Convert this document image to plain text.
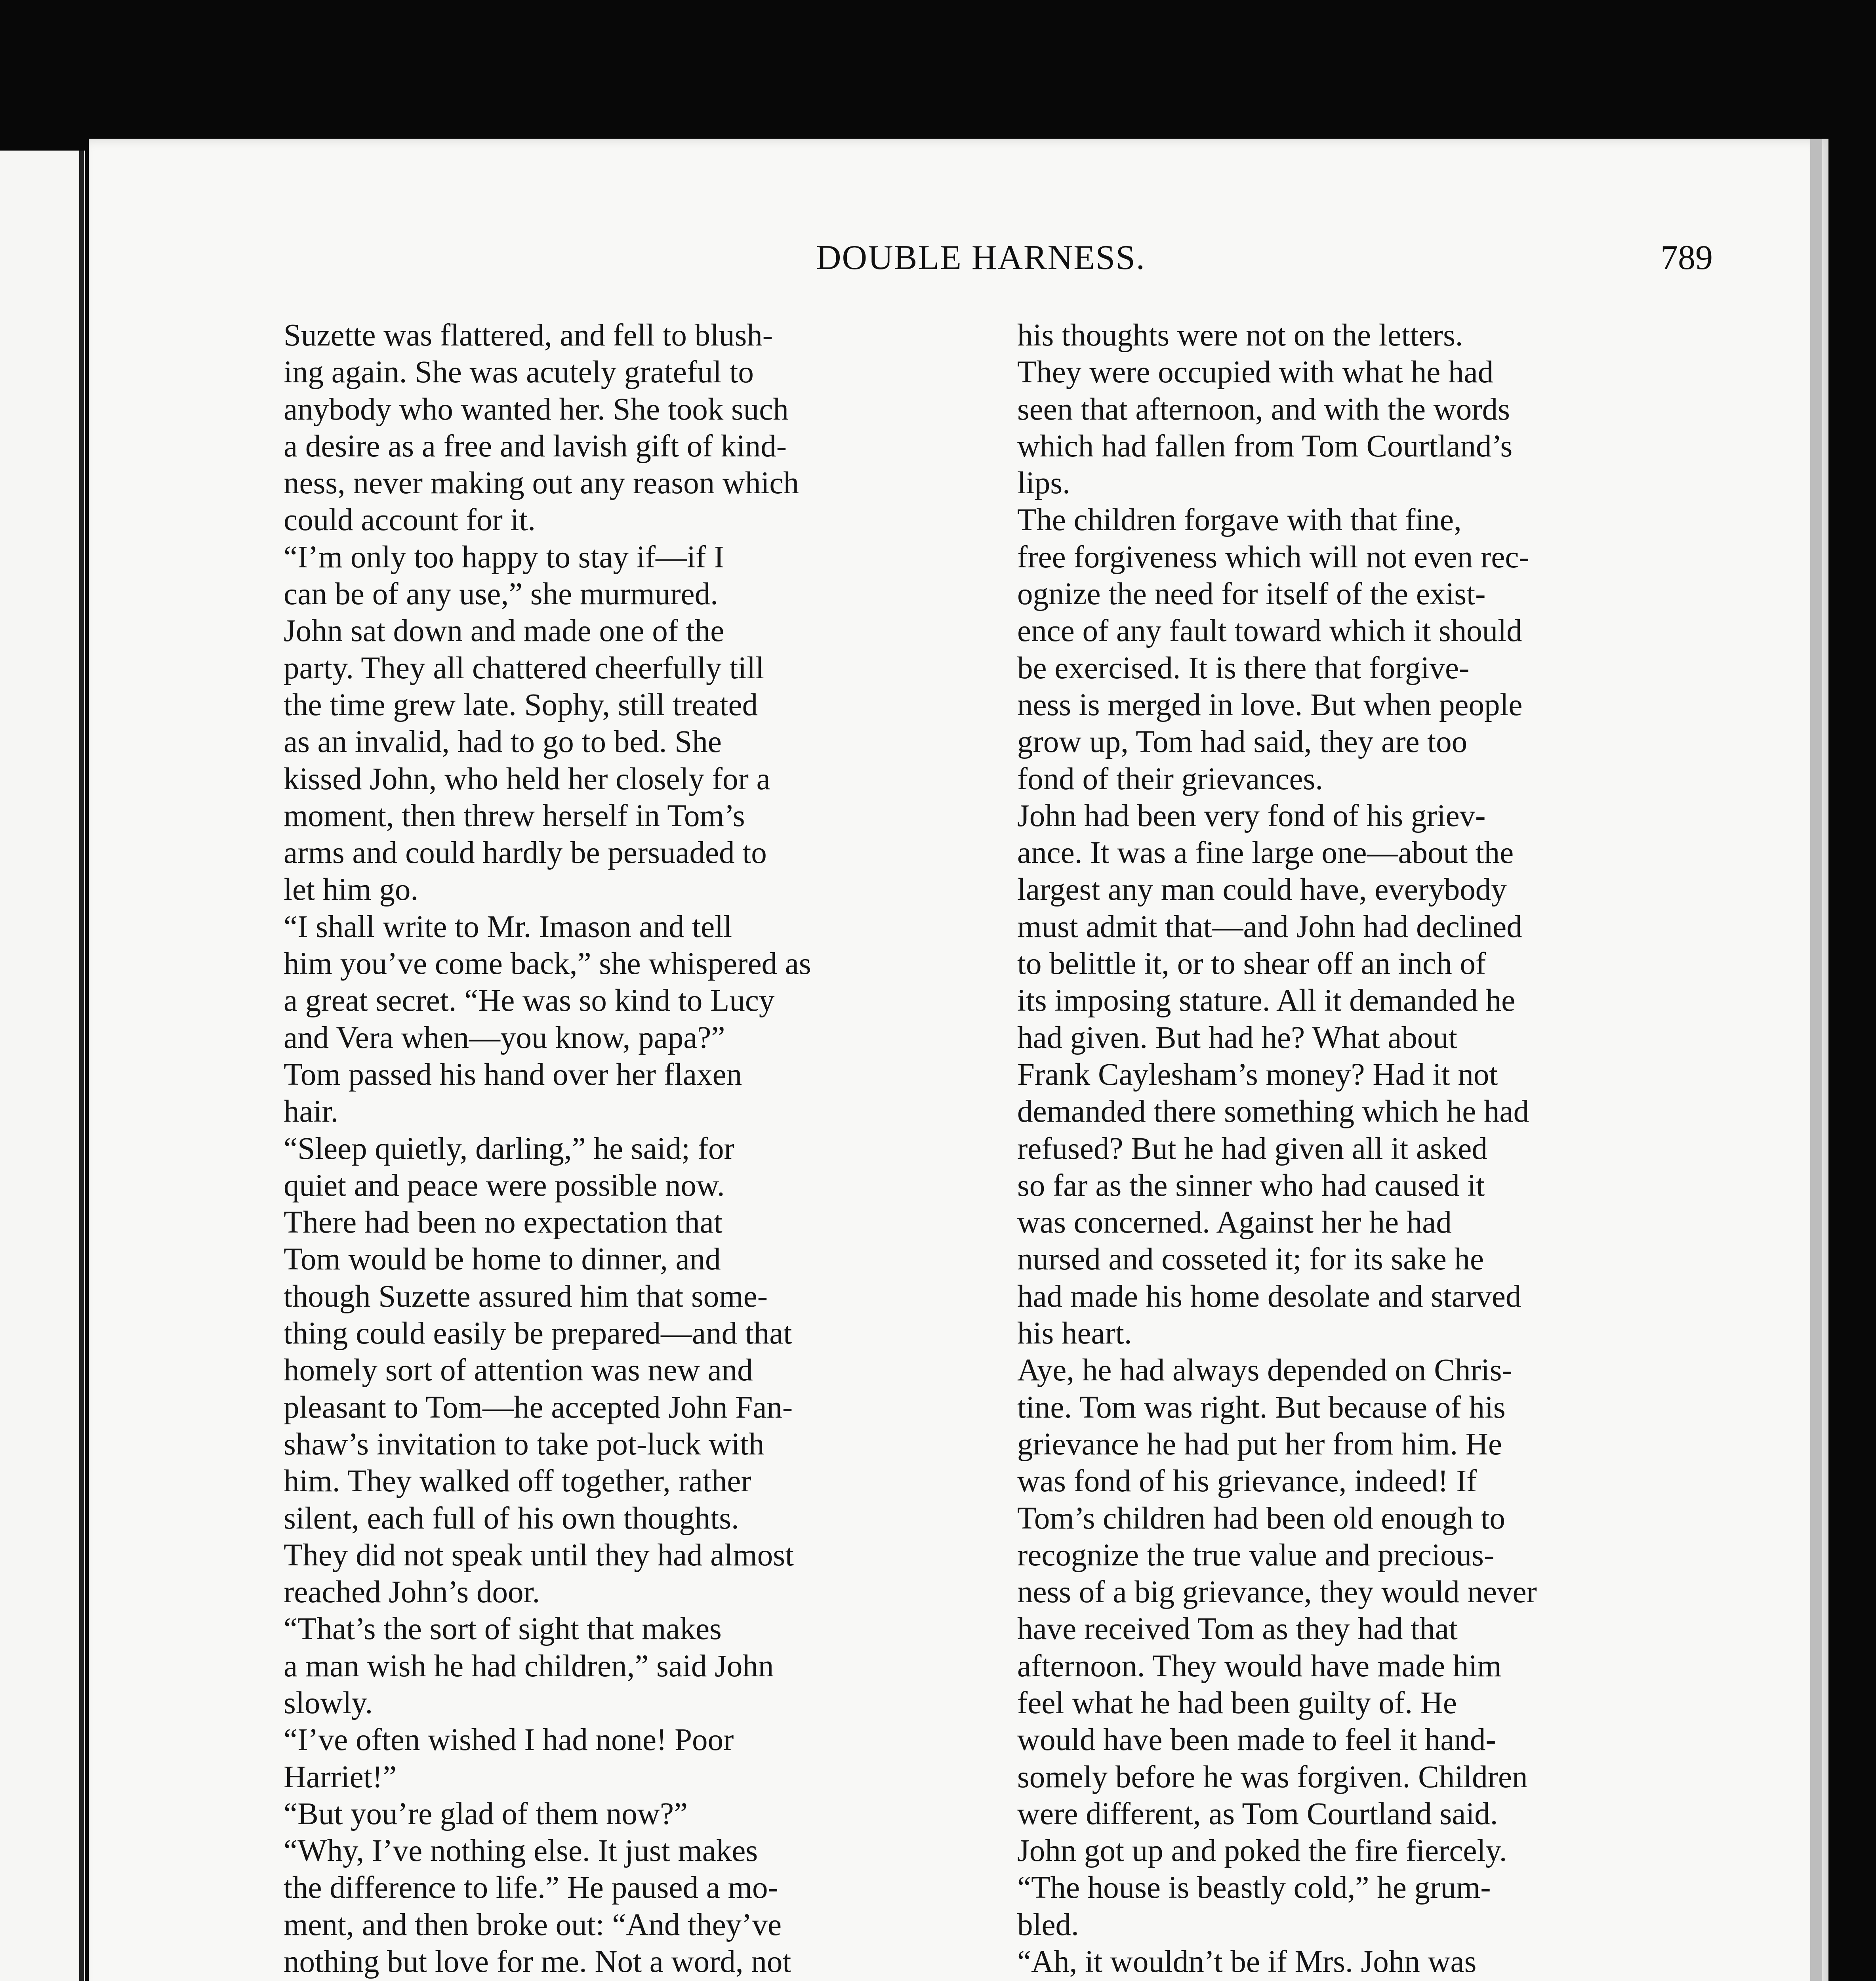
DOUBLE HARNESS.	789
Suzette was flattered, and fell to blush-
ing again. She was acutely grateful to
anybody who wanted her. She took such
a desire as a free and lavish gift of kind-
ness, never making out any reason which
could account for it.
“I’m only too happy to stay if—if I
can be of any use,” she murmured.
John sat down and made one of the
party. They all chattered cheerfully till
the time grew late. Sophy, still treated
as an invalid, had to go to bed. She
kissed John, who held her closely for a
moment, then threw herself in Tom’s
arms and could hardly be persuaded to
let him go.
“I shall write to Mr. Imason and tell
him you’ve come back,” she whispered as
a great secret. “He was so kind to Lucy
and Vera when—you know, papa?”
Tom passed his hand over her flaxen
hair.
“Sleep quietly, darling,” he said; for
quiet and peace were possible now.
There had been no expectation that
Tom would be home to dinner, and
though Suzette assured him that some-
thing could easily be prepared—and that
homely sort of attention was new and
pleasant to Tom—he accepted John Fan-
shaw’s invitation to take pot-luck with
him. They walked off together, rather
silent, each full of his own thoughts.
They did not speak until they had almost
reached John’s door.
“That’s the sort of sight that makes
a man wish he had children,” said John
slowly.
“I’ve often wished I had none! Poor
Harriet!”
“But you’re glad of them now?”
“Why, I’ve nothing else. It just makes
the difference to life.” He paused a mo-
ment, and then broke out: “And they’ve
nothing but love for me. Not a word, not
his thoughts were not on the letters.
They were occupied with what he had
seen that afternoon, and with the words
which had fallen from Tom Courtland’s
lips.
The children forgave with that fine,
free forgiveness which will not even rec-
ognize the need for itself of the exist-
ence of any fault toward which it should
be exercised. It is there that forgive-
ness is merged in love. But when people
grow up, Tom had said, they are too
fond of their grievances.
John had been very fond of his griev-
ance. It was a fine large one—about the
largest any man could have, everybody
must admit that—and John had declined
to belittle it, or to shear off an inch of
its imposing stature. All it demanded he
had given. But had he? What about
Frank Caylesham’s money? Had it not
demanded there something which he had
refused? But he had given all it asked
so far as the sinner who had caused it
was concerned. Against her he had
nursed and cosseted it; for its sake he
had made his home desolate and starved
his heart.
Aye, he had always depended on Chris-
tine. Tom was right. But because of his
grievance he had put her from him. He
was fond of his grievance, indeed! If
Tom’s children had been old enough to
recognize the true value and precious-
ness of a big grievance, they would never
have received Tom as they had that
afternoon. They would have made him
feel what he had been guilty of. He
would have been made to feel it hand-
somely before he was forgiven. Children
were different, as Tom Courtland said.
John got up and poked the fire fiercely.
“The house is beastly cold,” he grum-
bled.
“Ah, it wouldn’t be if Mrs. John was
